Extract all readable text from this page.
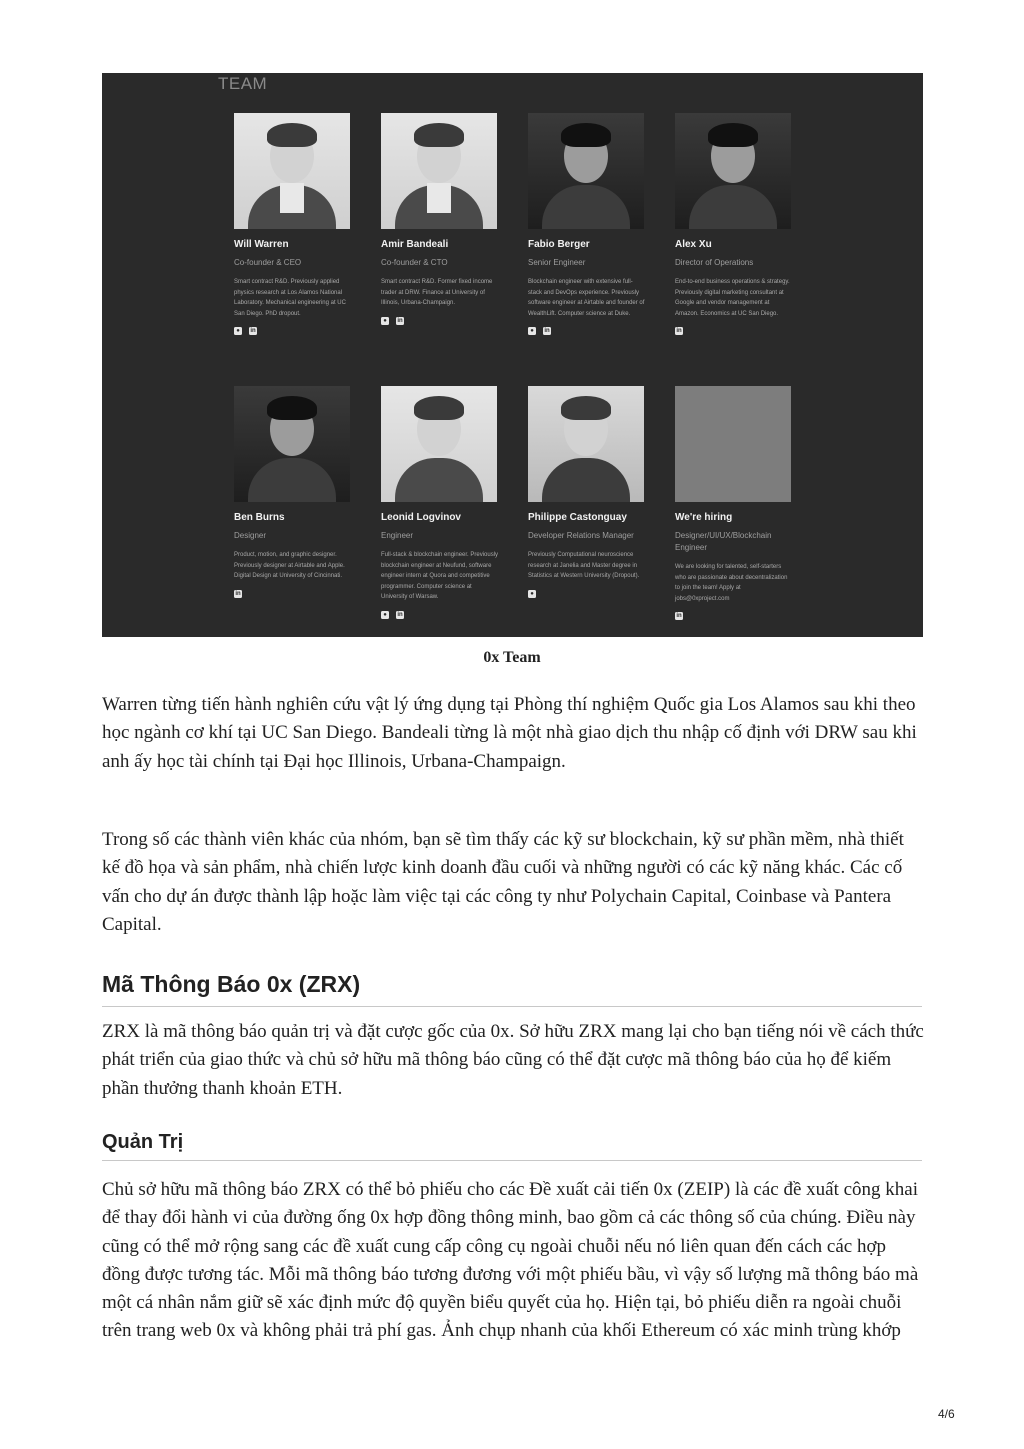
TEAM
Will Warren
Co-founder & CEO
Smart contract R&D. Previously applied physics research at Los Alamos National Laboratory. Mechanical engineering at UC San Diego. PhD dropout.
●	in
Amir Bandeali
Co-founder & CTO
Smart contract R&D. Former fixed income trader at DRW. Finance at University of Illinois, Urbana-Champaign.
●	in
Fabio Berger
Senior Engineer
Blockchain engineer with extensive full-stack and DevOps experience. Previously software engineer at Airtable and founder of WealthLift. Computer science at Duke.
●	in
Alex Xu
Director of Operations
End-to-end business operations & strategy. Previously digital marketing consultant at Google and vendor management at Amazon. Economics at UC San Diego.
in
Ben Burns
Designer
Product, motion, and graphic designer. Previously designer at Airtable and Apple. Digital Design at University of Cincinnati.
in
Leonid Logvinov
Engineer
Full-stack & blockchain engineer. Previously blockchain engineer at Neufund, software engineer intern at Quora and competitive programmer. Computer science at University of Warsaw.
●	in
Philippe Castonguay
Developer Relations Manager
Previously Computational neuroscience research at Janelia and Master degree in Statistics at Western University (Dropout).
●
We're hiring
Designer/UI/UX/Blockchain Engineer
We are looking for talented, self-starters who are passionate about decentralization to join the team! Apply at jobs@0xproject.com
in
0x Team

Warren từng tiến hành nghiên cứu vật lý ứng dụng tại Phòng thí nghiệm Quốc gia Los Alamos sau khi theo học ngành cơ khí tại UC San Diego. Bandeali từng là một nhà giao dịch thu nhập cố định với DRW sau khi anh ấy học tài chính tại Đại học Illinois, Urbana-Champaign.

Trong số các thành viên khác của nhóm, bạn sẽ tìm thấy các kỹ sư blockchain, kỹ sư phần mềm, nhà thiết kế đồ họa và sản phẩm, nhà chiến lược kinh doanh đầu cuối và những người có các kỹ năng khác. Các cố vấn cho dự án được thành lập hoặc làm việc tại các công ty như Polychain Capital, Coinbase và Pantera Capital.

Mã Thông Báo 0x (ZRX)

ZRX là mã thông báo quản trị và đặt cược gốc của 0x. Sở hữu ZRX mang lại cho bạn tiếng nói về cách thức phát triển của giao thức và chủ sở hữu mã thông báo cũng có thể đặt cược mã thông báo của họ để kiếm phần thưởng thanh khoản ETH.

Quản Trị

Chủ sở hữu mã thông báo ZRX có thể bỏ phiếu cho các Đề xuất cải tiến 0x (ZEIP) là các đề xuất công khai để thay đổi hành vi của đường ống 0x hợp đồng thông minh, bao gồm cả các thông số của chúng. Điều này cũng có thể mở rộng sang các đề xuất cung cấp công cụ ngoài chuỗi nếu nó liên quan đến cách các hợp đồng được tương tác. Mỗi mã thông báo tương đương với một phiếu bầu, vì vậy số lượng mã thông báo mà một cá nhân nắm giữ sẽ xác định mức độ quyền biểu quyết của họ. Hiện tại, bỏ phiếu diễn ra ngoài chuỗi trên trang web 0x và không phải trả phí gas. Ảnh chụp nhanh của khối Ethereum có xác minh trùng khớp

4/6
